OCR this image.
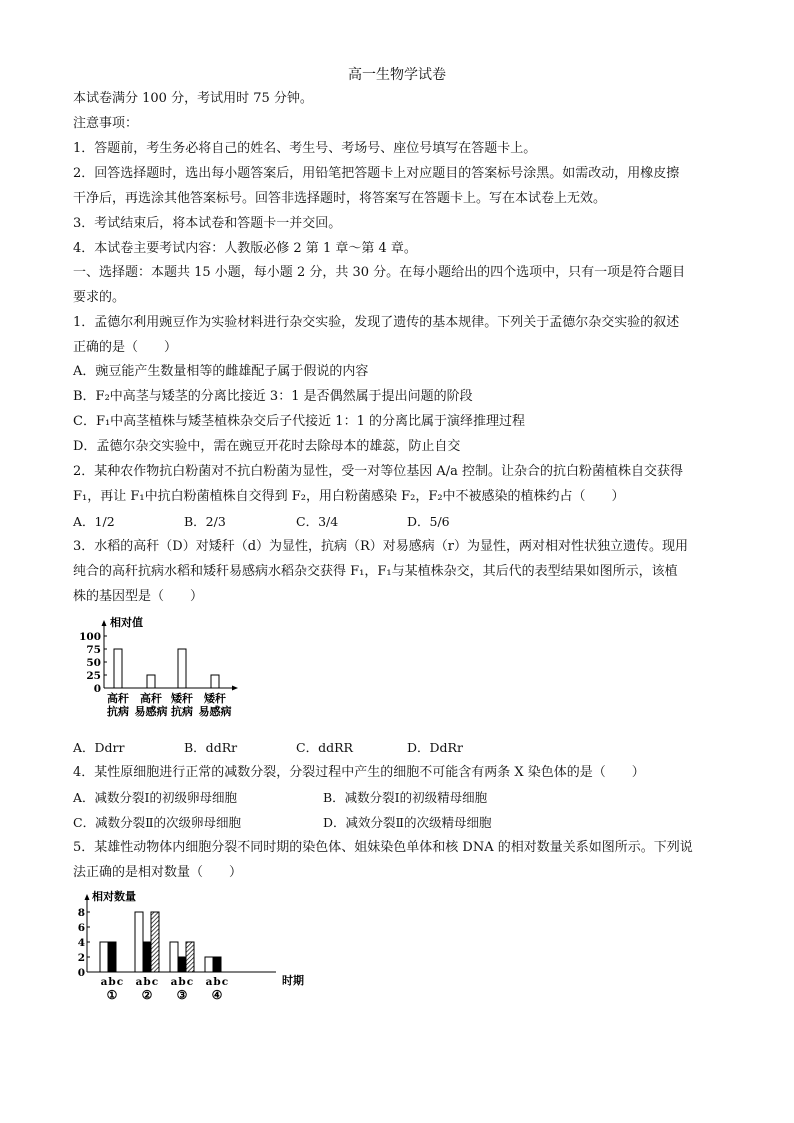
高一生物学试卷
本试卷满分 100 分，考试用时 75 分钟。
注意事项：
1．答题前，考生务必将自己的姓名、考生号、考场号、座位号填写在答题卡上。
2．回答选择题时，选出每小题答案后，用铅笔把答题卡上对应题目的答案标号涂黑。如需改动，用橡皮擦
干净后，再选涂其他答案标号。回答非选择题时，将答案写在答题卡上。写在本试卷上无效。
3．考试结束后，将本试卷和答题卡一并交回。
4．本试卷主要考试内容：人教版必修 2 第 1 章～第 4 章。
一、选择题：本题共 15 小题，每小题 2 分，共 30 分。在每小题给出的四个选项中，只有一项是符合题目
要求的。
1．孟德尔利用豌豆作为实验材料进行杂交实验，发现了遗传的基本规律。下列关于孟德尔杂交实验的叙述
正确的是（　　）
A．豌豆能产生数量相等的雌雄配子属于假说的内容
B．F₂中高茎与矮茎的分离比接近 3：1 是否偶然属于提出问题的阶段
C．F₁中高茎植株与矮茎植株杂交后子代接近 1：1 的分离比属于演绎推理过程
D．孟德尔杂交实验中，需在豌豆开花时去除母本的雄蕊，防止自交
2．某种农作物抗白粉菌对不抗白粉菌为显性，受一对等位基因 A/a 控制。让杂合的抗白粉菌植株自交获得
F₁，再让 F₁中抗白粉菌植株自交得到 F₂，用白粉菌感染 F₂，F₂中不被感染的植株约占（　　）
A．1/2	B．2/3	C．3/4	D．5/6
3．水稻的高秆（D）对矮秆（d）为显性，抗病（R）对易感病（r）为显性，两对相对性状独立遗传。现用
纯合的高秆抗病水稻和矮秆易感病水稻杂交获得 F₁，F₁与某植株杂交，其后代的表型结果如图所示，该植
株的基因型是（　　）
相对值
100
75
50
25
0
高秆
抗病
高秆
易感病
矮秆
抗病
矮秆
易感病
A．Ddrr	B．ddRr	C．ddRR	D．DdRr
4．某性原细胞进行正常的减数分裂，分裂过程中产生的细胞不可能含有两条 X 染色体的是（　　）
A．减数分裂Ⅰ的初级卵母细胞	B．减数分裂Ⅰ的初级精母细胞
C．减数分裂Ⅱ的次级卵母细胞	D．减效分裂Ⅱ的次级精母细胞
5．某雄性动物体内细胞分裂不同时期的染色体、姐妹染色单体和核 DNA 的相对数量关系如图所示。下列说
法正确的是相对数量（　　）
相对数量
时期
8
6
4
2
0
a b c
①
a b c
②
a b c
③
a b c
④
